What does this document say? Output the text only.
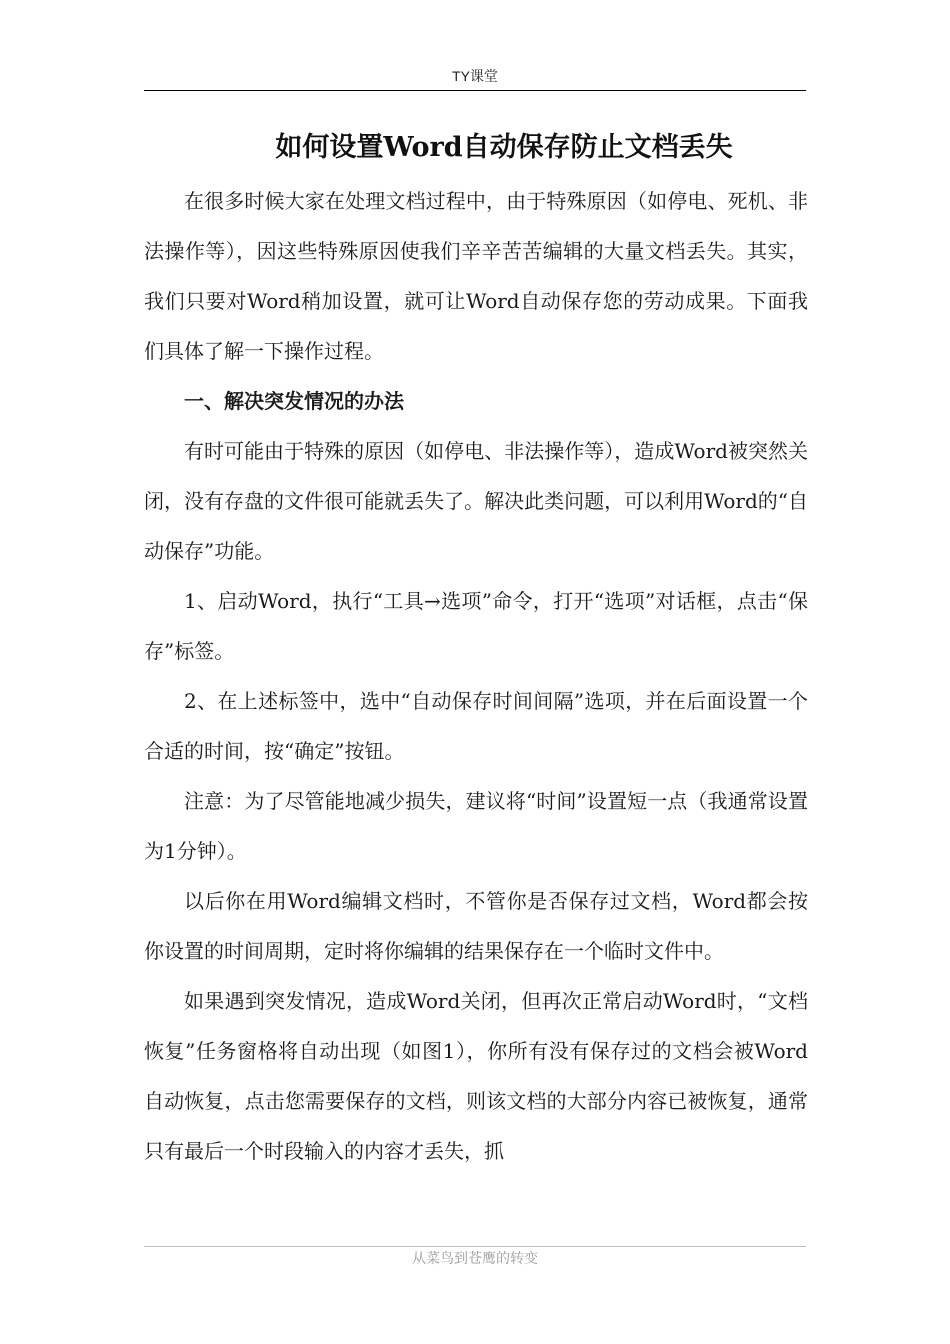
TY课堂
如何设置Word自动保存防止文档丢失

在很多时候大家在处理文档过程中，由于特殊原因（如停电、死机、非法操作等），因这些特殊原因使我们辛辛苦苦编辑的大量文档丢失。其实，我们只要对Word稍加设置，就可让Word自动保存您的劳动成果。下面我们具体了解一下操作过程。

一、解决突发情况的办法

有时可能由于特殊的原因（如停电、非法操作等），造成Word被突然关闭，没有存盘的文件很可能就丢失了。解决此类问题，可以利用Word的“自动保存”功能。

1、启动Word，执行“工具→选项”命令，打开“选项”对话框，点击“保存”标签。

2、在上述标签中，选中“自动保存时间间隔”选项，并在后面设置一个合适的时间，按“确定”按钮。

注意：为了尽管能地减少损失，建议将“时间”设置短一点（我通常设置为1分钟）。

以后你在用Word编辑文档时，不管你是否保存过文档，Word都会按你设置的时间周期，定时将你编辑的结果保存在一个临时文件中。

如果遇到突发情况，造成Word关闭，但再次正常启动Word时，“文档恢复”任务窗格将自动出现（如图1），你所有没有保存过的文档会被Word自动恢复，点击您需要保存的文档，则该文档的大部分内容已被恢复，通常只有最后一个时段输入的内容才丢失，抓

从菜鸟到苍鹰的转变
